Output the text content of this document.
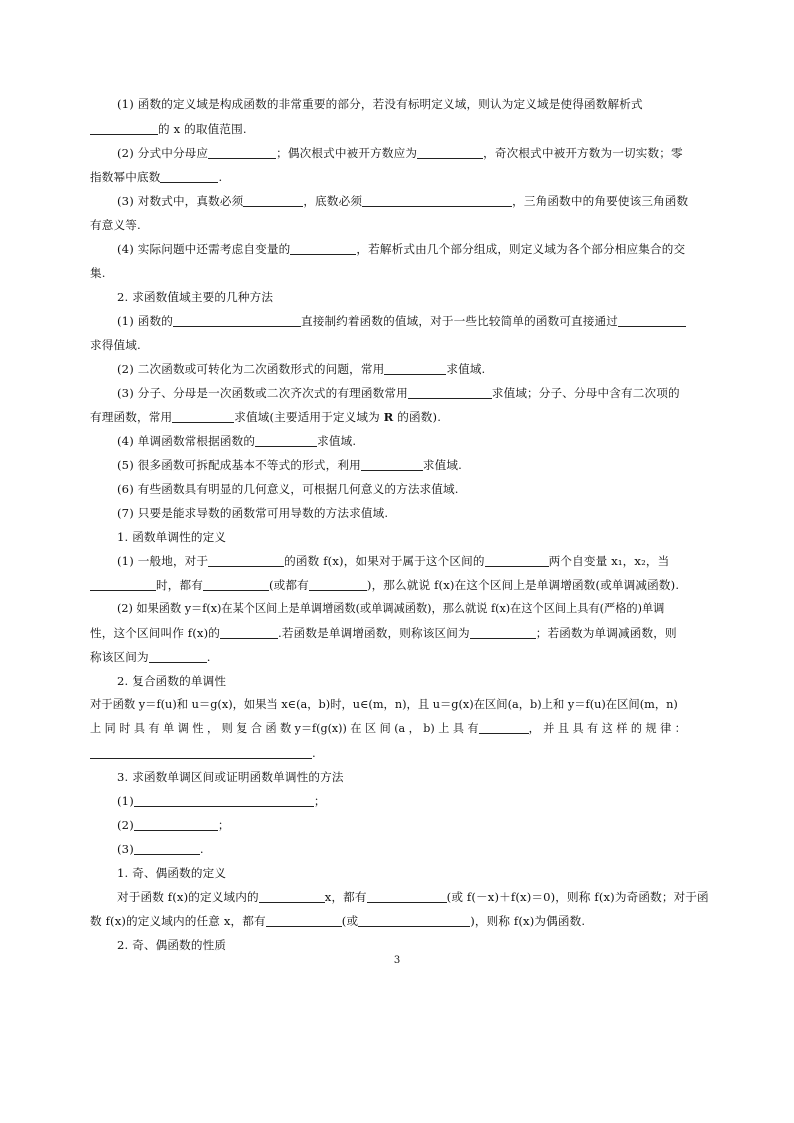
(1) 函数的定义域是构成函数的非常重要的部分，若没有标明定义域，则认为定义域是使得函数解析式
的 x 的取值范围.
(2) 分式中分母应	；偶次根式中被开方数应为	，奇次根式中被开方数为一切实数；零
指数幂中底数	.
(3) 对数式中，真数必须	，底数必须	，三角函数中的角要使该三角函数
有意义等.
(4) 实际问题中还需考虑自变量的	，若解析式由几个部分组成，则定义域为各个部分相应集合的交
集.
2. 求函数值域主要的几种方法
(1) 函数的	直接制约着函数的值域，对于一些比较简单的函数可直接通过
求得值域.
(2) 二次函数或可转化为二次函数形式的问题，常用	求值域.
(3) 分子、分母是一次函数或二次齐次式的有理函数常用	求值域；分子、分母中含有二次项的
有理函数，常用	求值域(主要适用于定义域为 R 的函数).
(4) 单调函数常根据函数的	求值域.
(5) 很多函数可拆配成基本不等式的形式，利用	求值域.
(6) 有些函数具有明显的几何意义，可根据几何意义的方法求值域.
(7) 只要是能求导数的函数常可用导数的方法求值域.
1. 函数单调性的定义
(1) 一般地，对于	的函数 f(x)，如果对于属于这个区间的	两个自变量 x₁，x₂，当
时，都有	(或都有	)，那么就说 f(x)在这个区间上是单调增函数(或单调减函数).
(2) 如果函数 y＝f(x)在某个区间上是单调增函数(或单调减函数)，那么就说 f(x)在这个区间上具有(严格的)单调
性，这个区间叫作 f(x)的	.若函数是单调增函数，则称该区间为	；若函数为单调减函数，则
称该区间为	.
2. 复合函数的单调性
对于函数 y＝f(u)和 u＝g(x)，如果当 x∈(a，b)时，u∈(m，n)，且 u＝g(x)在区间(a，b)上和 y＝f(u)在区间(m，n)
上 同 时 具 有 单 调 性 ， 则 复 合 函 数 y＝f(g(x)) 在 区 间 (a ， b) 上 具 有	， 并 且 具 有 这 样 的 规 律 ：
.
3. 求函数单调区间或证明函数单调性的方法
(1)	；
(2)	；
(3)	.
1. 奇、偶函数的定义
对于函数 f(x)的定义域内的	x，都有	(或 f(－x)＋f(x)＝0)，则称 f(x)为奇函数；对于函
数 f(x)的定义域内的任意 x，都有	(或	)，则称 f(x)为偶函数.
2. 奇、偶函数的性质
3
